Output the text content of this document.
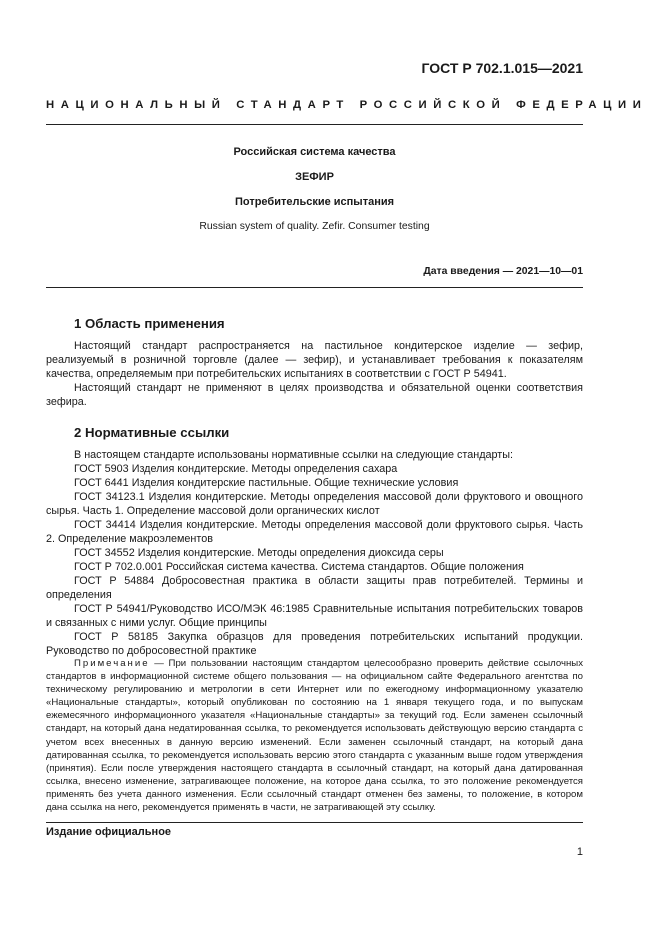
ГОСТ Р 702.1.015—2021
НАЦИОНАЛЬНЫЙ СТАНДАРТ РОССИЙСКОЙ ФЕДЕРАЦИИ
Российская система качества
ЗЕФИР
Потребительские испытания
Russian system of quality. Zefir. Consumer testing
Дата введения — 2021—10—01
1 Область применения

Настоящий стандарт распространяется на пастильное кондитерское изделие — зефир, реализуемый в розничной торговле (далее — зефир), и устанавливает требования к показателям качества, определяемым при потребительских испытаниях в соответствии с ГОСТ Р 54941.

Настоящий стандарт не применяют в целях производства и обязательной оценки соответствия зефира.

2 Нормативные ссылки

В настоящем стандарте использованы нормативные ссылки на следующие стандарты:

ГОСТ 5903 Изделия кондитерские. Методы определения сахара

ГОСТ 6441 Изделия кондитерские пастильные. Общие технические условия

ГОСТ 34123.1 Изделия кондитерские. Методы определения массовой доли фруктового и овощного сырья. Часть 1. Определение массовой доли органических кислот

ГОСТ 34414 Изделия кондитерские. Методы определения массовой доли фруктового сырья. Часть 2. Определение макроэлементов

ГОСТ 34552 Изделия кондитерские. Методы определения диоксида серы

ГОСТ Р 702.0.001 Российская система качества. Система стандартов. Общие положения

ГОСТ Р 54884 Добросовестная практика в области защиты прав потребителей. Термины и определения

ГОСТ Р 54941/Руководство ИСО/МЭК 46:1985 Сравнительные испытания потребительских товаров и связанных с ними услуг. Общие принципы

ГОСТ Р 58185 Закупка образцов для проведения потребительских испытаний продукции. Руководство по добросовестной практике

Примечание — При пользовании настоящим стандартом целесообразно проверить действие ссылочных стандартов в информационной системе общего пользования — на официальном сайте Федерального агентства по техническому регулированию и метрологии в сети Интернет или по ежегодному информационному указателю «Национальные стандарты», который опубликован по состоянию на 1 января текущего года, и по выпускам ежемесячного информационного указателя «Национальные стандарты» за текущий год. Если заменен ссылочный стандарт, на который дана недатированная ссылка, то рекомендуется использовать действующую версию стандарта с учетом всех внесенных в данную версию изменений. Если заменен ссылочный стандарт, на который дана датированная ссылка, то рекомендуется использовать версию этого стандарта с указанным выше годом утверждения (принятия). Если после утверждения настоящего стандарта в ссылочный стандарт, на который дана датированная ссылка, внесено изменение, затрагивающее положение, на которое дана ссылка, то это положение рекомендуется применять без учета данного изменения. Если ссылочный стандарт отменен без замены, то положение, в котором дана ссылка на него, рекомендуется применять в части, не затрагивающей эту ссылку.

Издание официальное
1
